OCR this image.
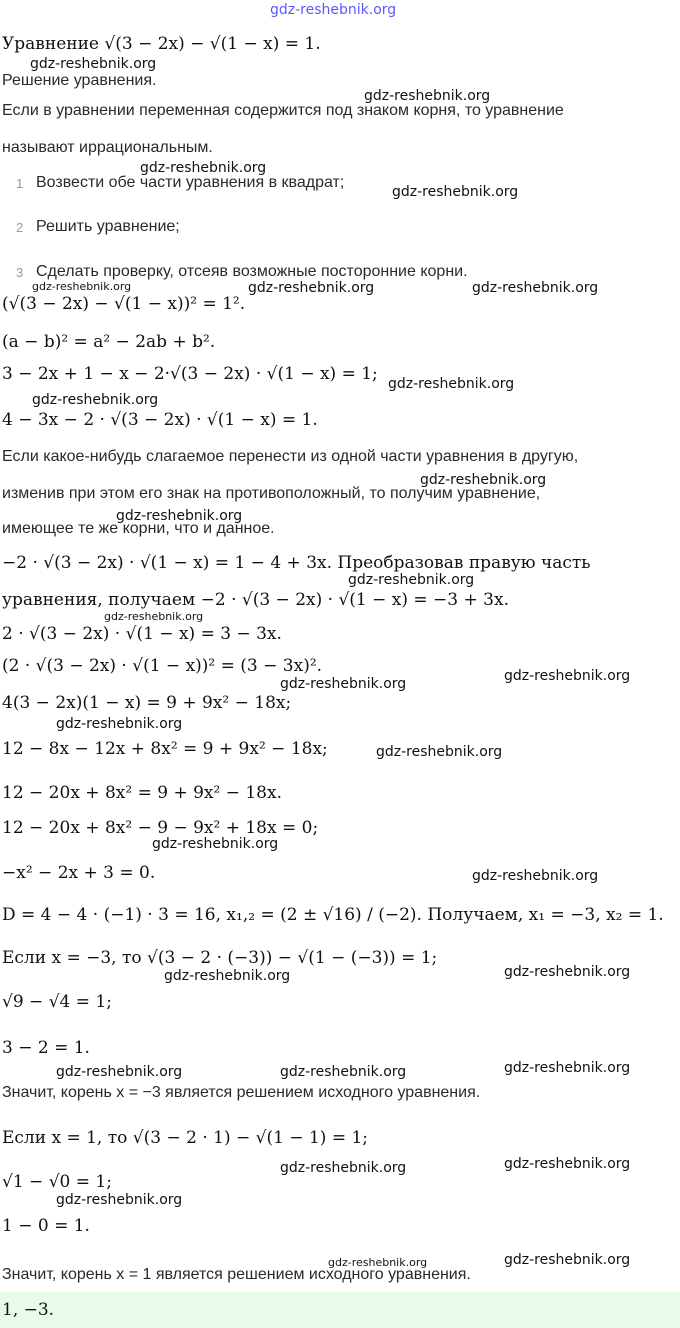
gdz-reshebnik.org
Уравнение √(3 − 2x) − √(1 − x) = 1.
Решение уравнения.
Если в уравнении переменная содержится под знаком корня, то уравнение
называют иррациональным.
1 Возвести обе части уравнения в квадрат;
2 Решить уравнение;
3 Сделать проверку, отсеяв возможные посторонние корни.
(√(3 − 2x) − √(1 − x))² = 1².
(a − b)² = a² − 2ab + b².
3 − 2x + 1 − x − 2·√(3 − 2x) · √(1 − x) = 1;
4 − 3x − 2 · √(3 − 2x) · √(1 − x) = 1.
Если какое-нибудь слагаемое перенести из одной части уравнения в другую,
изменив при этом его знак на противоположный, то получим уравнение,
имеющее те же корни, что и данное.
−2 · √(3 − 2x) · √(1 − x) = 1 − 4 + 3x. Преобразовав правую часть
уравнения, получаем −2 · √(3 − 2x) · √(1 − x) = −3 + 3x.
2 · √(3 − 2x) · √(1 − x) = 3 − 3x.
(2 · √(3 − 2x) · √(1 − x))² = (3 − 3x)².
4(3 − 2x)(1 − x) = 9 + 9x² − 18x;
12 − 8x − 12x + 8x² = 9 + 9x² − 18x;
12 − 20x + 8x² = 9 + 9x² − 18x.
12 − 20x + 8x² − 9 − 9x² + 18x = 0;
−x² − 2x + 3 = 0.
D = 4 − 4 · (−1) · 3 = 16, x₁,₂ = (2 ± √16) / (−2). Получаем, x₁ = −3, x₂ = 1.
Если x = −3, то √(3 − 2 · (−3)) − √(1 − (−3)) = 1;
√9 − √4 = 1;
3 − 2 = 1.
Значит, корень x = −3 является решением исходного уравнения.
Если x = 1, то √(3 − 2 · 1) − √(1 − 1) = 1;
√1 − √0 = 1;
1 − 0 = 1.
Значит, корень x = 1 является решением исходного уравнения.
1, −3.
gdz-reshebnik.org
gdz-reshebnik.org
gdz-reshebnik.org
gdz-reshebnik.org
gdz-reshebnik.org	gdz-reshebnik.org	gdz-reshebnik.org
gdz-reshebnik.org
gdz-reshebnik.org
gdz-reshebnik.org
gdz-reshebnik.org
gdz-reshebnik.org
gdz-reshebnik.org
gdz-reshebnik.org	gdz-reshebnik.org
gdz-reshebnik.org
gdz-reshebnik.org
gdz-reshebnik.org
gdz-reshebnik.org
gdz-reshebnik.org	gdz-reshebnik.org
gdz-reshebnik.org	gdz-reshebnik.org	gdz-reshebnik.org
gdz-reshebnik.org	gdz-reshebnik.org
gdz-reshebnik.org
gdz-reshebnik.org	gdz-reshebnik.org
